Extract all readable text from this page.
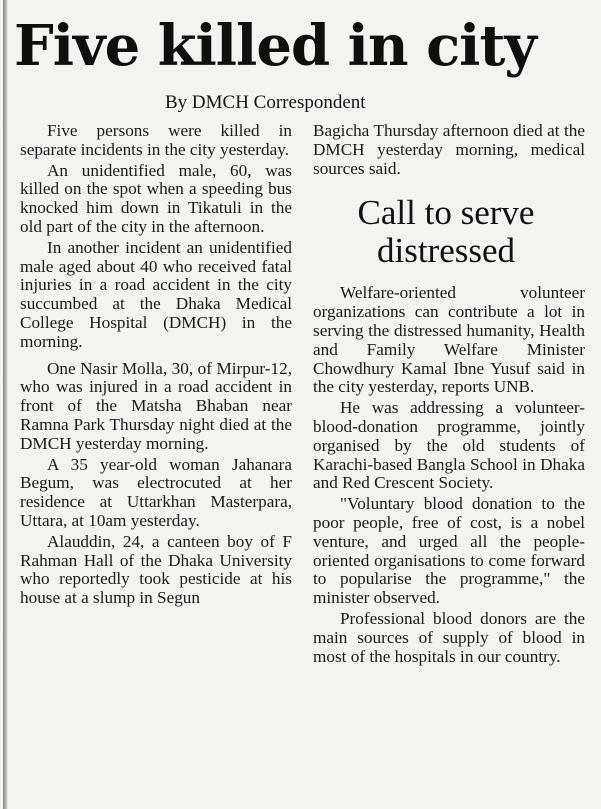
Five killed in city
By DMCH Correspondent

Five persons were killed in separate incidents in the city yesterday.

An unidentified male, 60, was killed on the spot when a speeding bus knocked him down in Tikatuli in the old part of the city in the afternoon.

In another incident an unidentified male aged about 40 who received fatal injuries in a road accident in the city succumbed at the Dhaka Medical College Hospital (DMCH) in the morning.

One Nasir Molla, 30, of Mirpur-12, who was injured in a road accident in front of the Matsha Bhaban near Ramna Park Thursday night died at the DMCH yesterday morning.

A 35 year-old woman Jahanara Begum, was electrocuted at her residence at Uttarkhan Masterpara, Uttara, at 10am yesterday.

Alauddin, 24, a canteen boy of F Rahman Hall of the Dhaka University who reportedly took pesticide at his house at a slump in Segun

Bagicha Thursday afternoon died at the DMCH yesterday morning, medical sources said.

Call to serve distressed

Welfare-oriented volunteer organizations can contribute a lot in serving the distressed humanity, Health and Family Welfare Minister Chowdhury Kamal Ibne Yusuf said in the city yesterday, reports UNB.

He was addressing a volunteer-blood-donation programme, jointly organised by the old students of Karachi-based Bangla School in Dhaka and Red Crescent Society.

"Voluntary blood donation to the poor people, free of cost, is a nobel venture, and urged all the people-oriented organisations to come forward to popularise the programme," the minister observed.

Professional blood donors are the main sources of supply of blood in most of the hospitals in our country.
